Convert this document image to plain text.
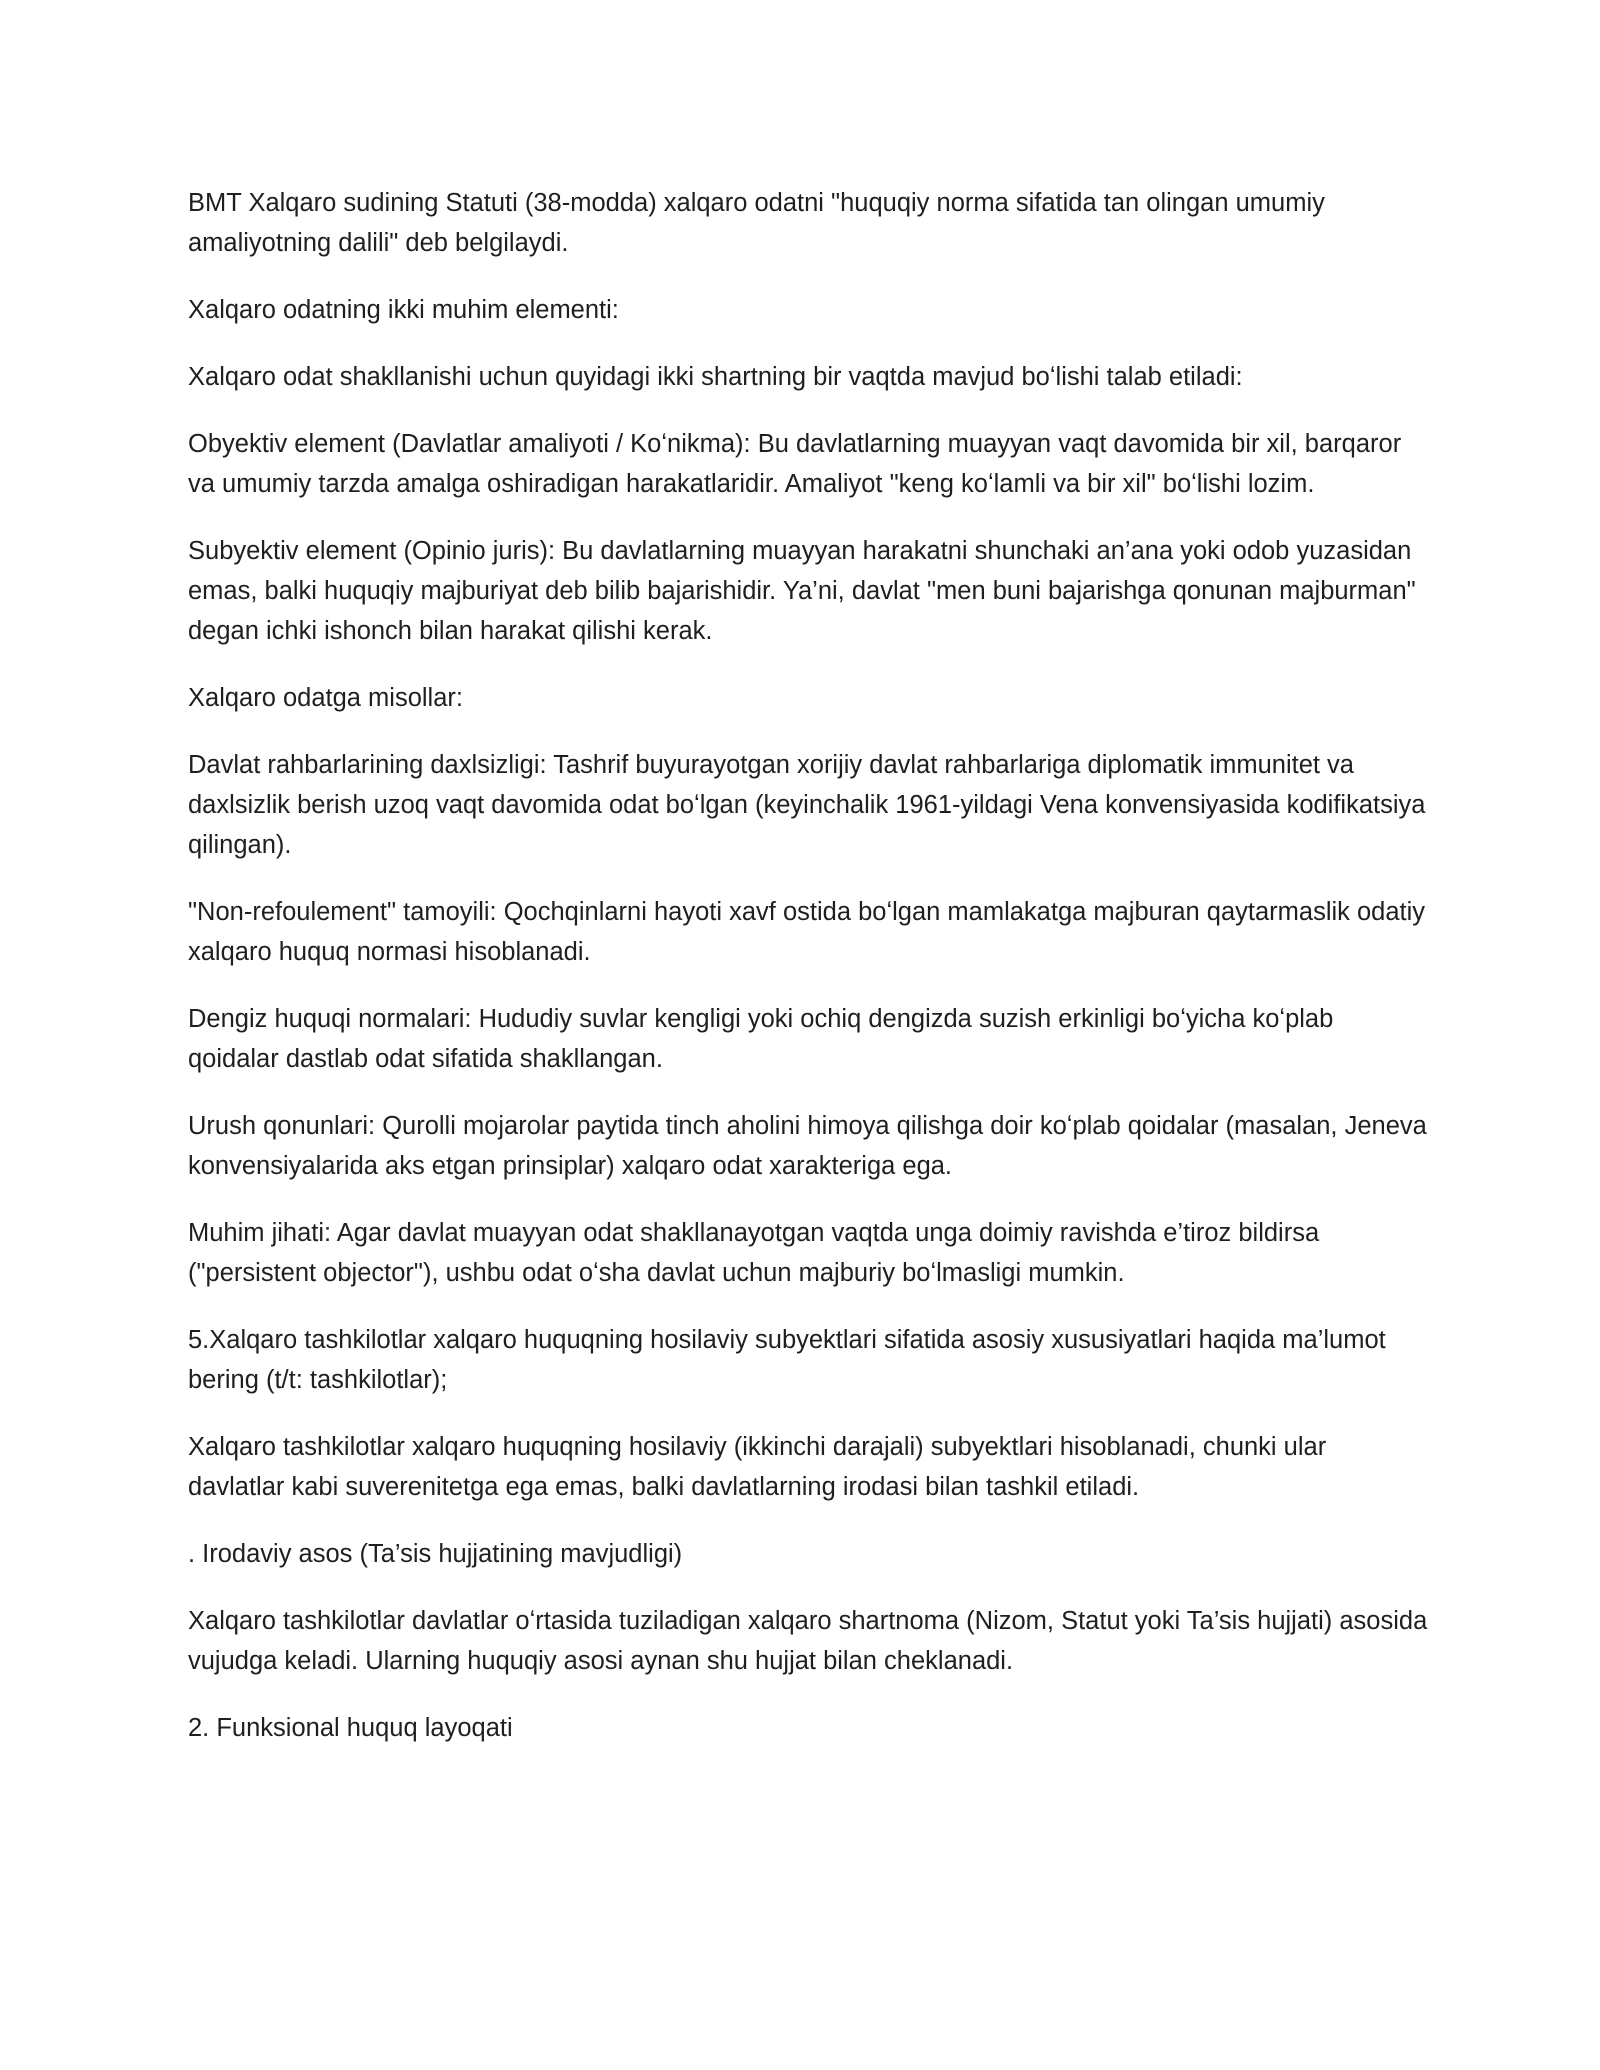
BMT Xalqaro sudining Statuti (38-modda) xalqaro odatni "huquqiy norma sifatida tan olingan umumiy amaliyotning dalili" deb belgilaydi.

Xalqaro odatning ikki muhim elementi:

Xalqaro odat shakllanishi uchun quyidagi ikki shartning bir vaqtda mavjud boʻlishi talab etiladi:

Obyektiv element (Davlatlar amaliyoti / Koʻnikma): Bu davlatlarning muayyan vaqt davomida bir xil, barqaror va umumiy tarzda amalga oshiradigan harakatlaridir. Amaliyot "keng koʻlamli va bir xil" boʻlishi lozim.

Subyektiv element (Opinio juris): Bu davlatlarning muayyan harakatni shunchaki an’ana yoki odob yuzasidan emas, balki huquqiy majburiyat deb bilib bajarishidir. Ya’ni, davlat "men buni bajarishga qonunan majburman" degan ichki ishonch bilan harakat qilishi kerak.

Xalqaro odatga misollar:

Davlat rahbarlarining daxlsizligi: Tashrif buyurayotgan xorijiy davlat rahbarlariga diplomatik immunitet va daxlsizlik berish uzoq vaqt davomida odat boʻlgan (keyinchalik 1961-yildagi Vena konvensiyasida kodifikatsiya qilingan).

"Non-refoulement" tamoyili: Qochqinlarni hayoti xavf ostida boʻlgan mamlakatga majburan qaytarmaslik odatiy xalqaro huquq normasi hisoblanadi.

Dengiz huquqi normalari: Hududiy suvlar kengligi yoki ochiq dengizda suzish erkinligi boʻyicha koʻplab qoidalar dastlab odat sifatida shakllangan.

Urush qonunlari: Qurolli mojarolar paytida tinch aholini himoya qilishga doir koʻplab qoidalar (masalan, Jeneva konvensiyalarida aks etgan prinsiplar) xalqaro odat xarakteriga ega.

Muhim jihati: Agar davlat muayyan odat shakllanayotgan vaqtda unga doimiy ravishda e’tiroz bildirsa ("persistent objector"), ushbu odat oʻsha davlat uchun majburiy boʻlmasligi mumkin.

5.Xalqaro tashkilotlar xalqaro huquqning hosilaviy subyektlari sifatida asosiy xususiyatlari haqida ma’lumot bering (t/t: tashkilotlar);

Xalqaro tashkilotlar xalqaro huquqning hosilaviy (ikkinchi darajali) subyektlari hisoblanadi, chunki ular davlatlar kabi suverenitetga ega emas, balki davlatlarning irodasi bilan tashkil etiladi.

. Irodaviy asos (Ta’sis hujjatining mavjudligi)

Xalqaro tashkilotlar davlatlar oʻrtasida tuziladigan xalqaro shartnoma (Nizom, Statut yoki Ta’sis hujjati) asosida vujudga keladi. Ularning huquqiy asosi aynan shu hujjat bilan cheklanadi.

2. Funksional huquq layoqati
